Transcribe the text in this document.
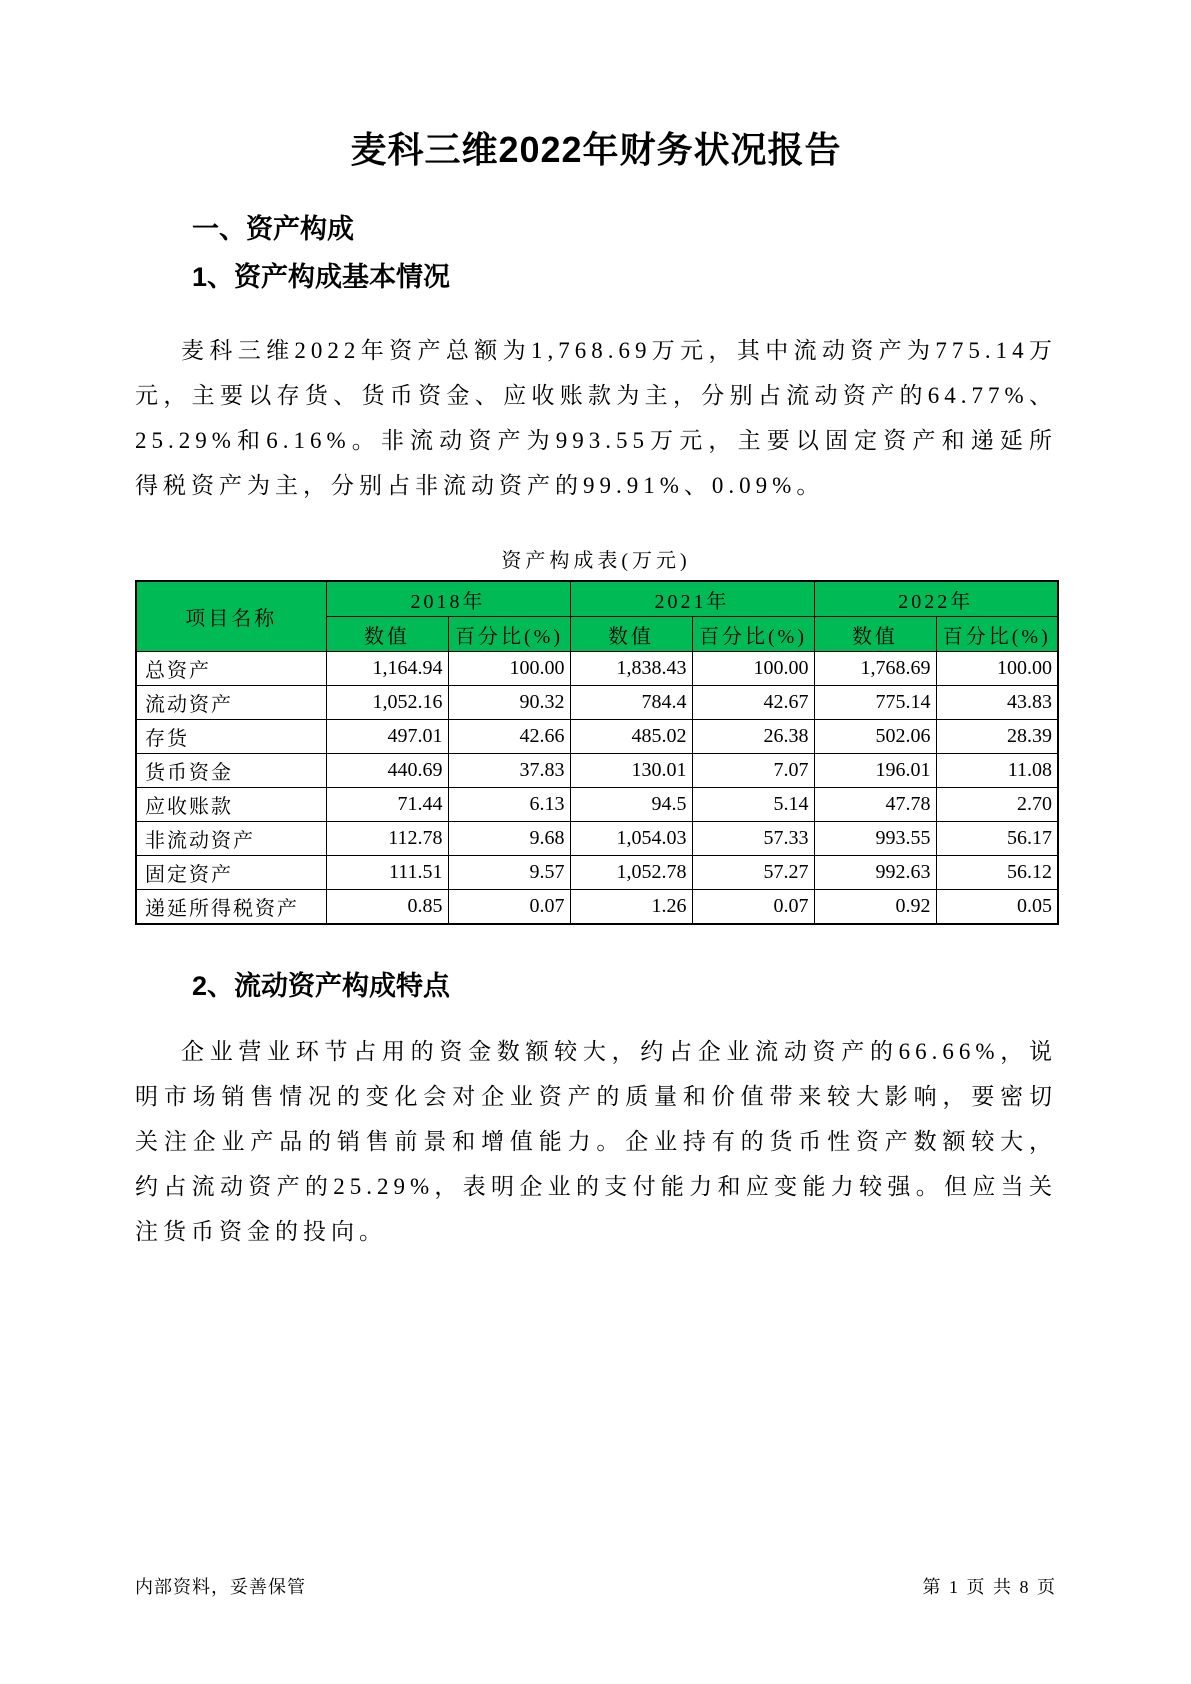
麦科三维2022年财务状况报告
一、资产构成
1、资产构成基本情况

麦科三维2022年资产总额为1,768.69万元，其中流动资产为775.14万元，主要以存货、货币资金、应收账款为主，分别占流动资产的64.77%、25.29%和6.16%。非流动资产为993.55万元，主要以固定资产和递延所得税资产为主，分别占非流动资产的99.91%、0.09%。

资产构成表(万元)
项目名称	2018年		2021年		2022年	
	数值	百分比(%)	数值	百分比(%)	数值	百分比(%)
总资产	1,164.94	100.00	1,838.43	100.00	1,768.69	100.00
流动资产	1,052.16	90.32	784.4	42.67	775.14	43.83
存货	497.01	42.66	485.02	26.38	502.06	28.39
货币资金	440.69	37.83	130.01	7.07	196.01	11.08
应收账款	71.44	6.13	94.5	5.14	47.78	2.70
非流动资产	112.78	9.68	1,054.03	57.33	993.55	56.17
固定资产	111.51	9.57	1,052.78	57.27	992.63	56.12
递延所得税资产	0.85	0.07	1.26	0.07	0.92	0.05
2、流动资产构成特点

企业营业环节占用的资金数额较大，约占企业流动资产的66.66%，说明市场销售情况的变化会对企业资产的质量和价值带来较大影响，要密切关注企业产品的销售前景和增值能力。企业持有的货币性资产数额较大，约占流动资产的25.29%，表明企业的支付能力和应变能力较强。但应当关注货币资金的投向。

内部资料，妥善保管	第 1 页 共 8 页
